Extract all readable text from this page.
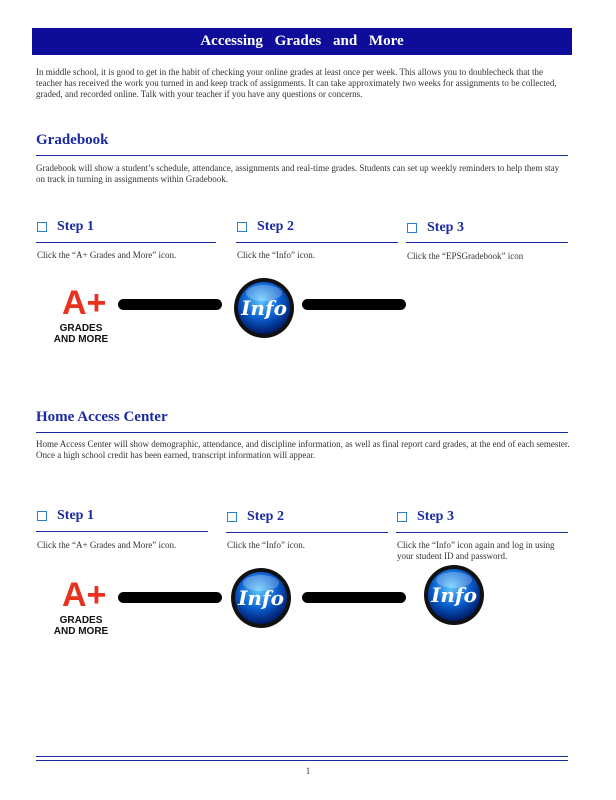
Accessing Grades and More
In middle school, it is good to get in the habit of checking your online grades at least once per week. This allows you to doublecheck that the teacher has received the work you turned in and keep track of assignments. It can take approximately two weeks for assignments to be collected, graded, and recorded online. Talk with your teacher if you have any questions or concerns.
Gradebook
Gradebook will show a student’s schedule, attendance, assignments and real-time grades. Students can set up weekly reminders to help them stay on track in turning in assignments within Gradebook.
Step 1
Click the “A+ Grades and More” icon.
Step 2
Click the “Info” icon.
Step 3
Click the “EPSGradebook” icon
A+
GRADES
AND MORE
Info
Home Access Center
Home Access Center will show demographic, attendance, and discipline information, as well as final report card grades, at the end of each semester. Once a high school credit has been earned, transcript information will appear.
Step 1
Click the “A+ Grades and More” icon.
Step 2
Click the “Info” icon.
Step 3
Click the “Info” icon again and log in using your student ID and password.
A+
GRADES
AND MORE
Info	Info
1
